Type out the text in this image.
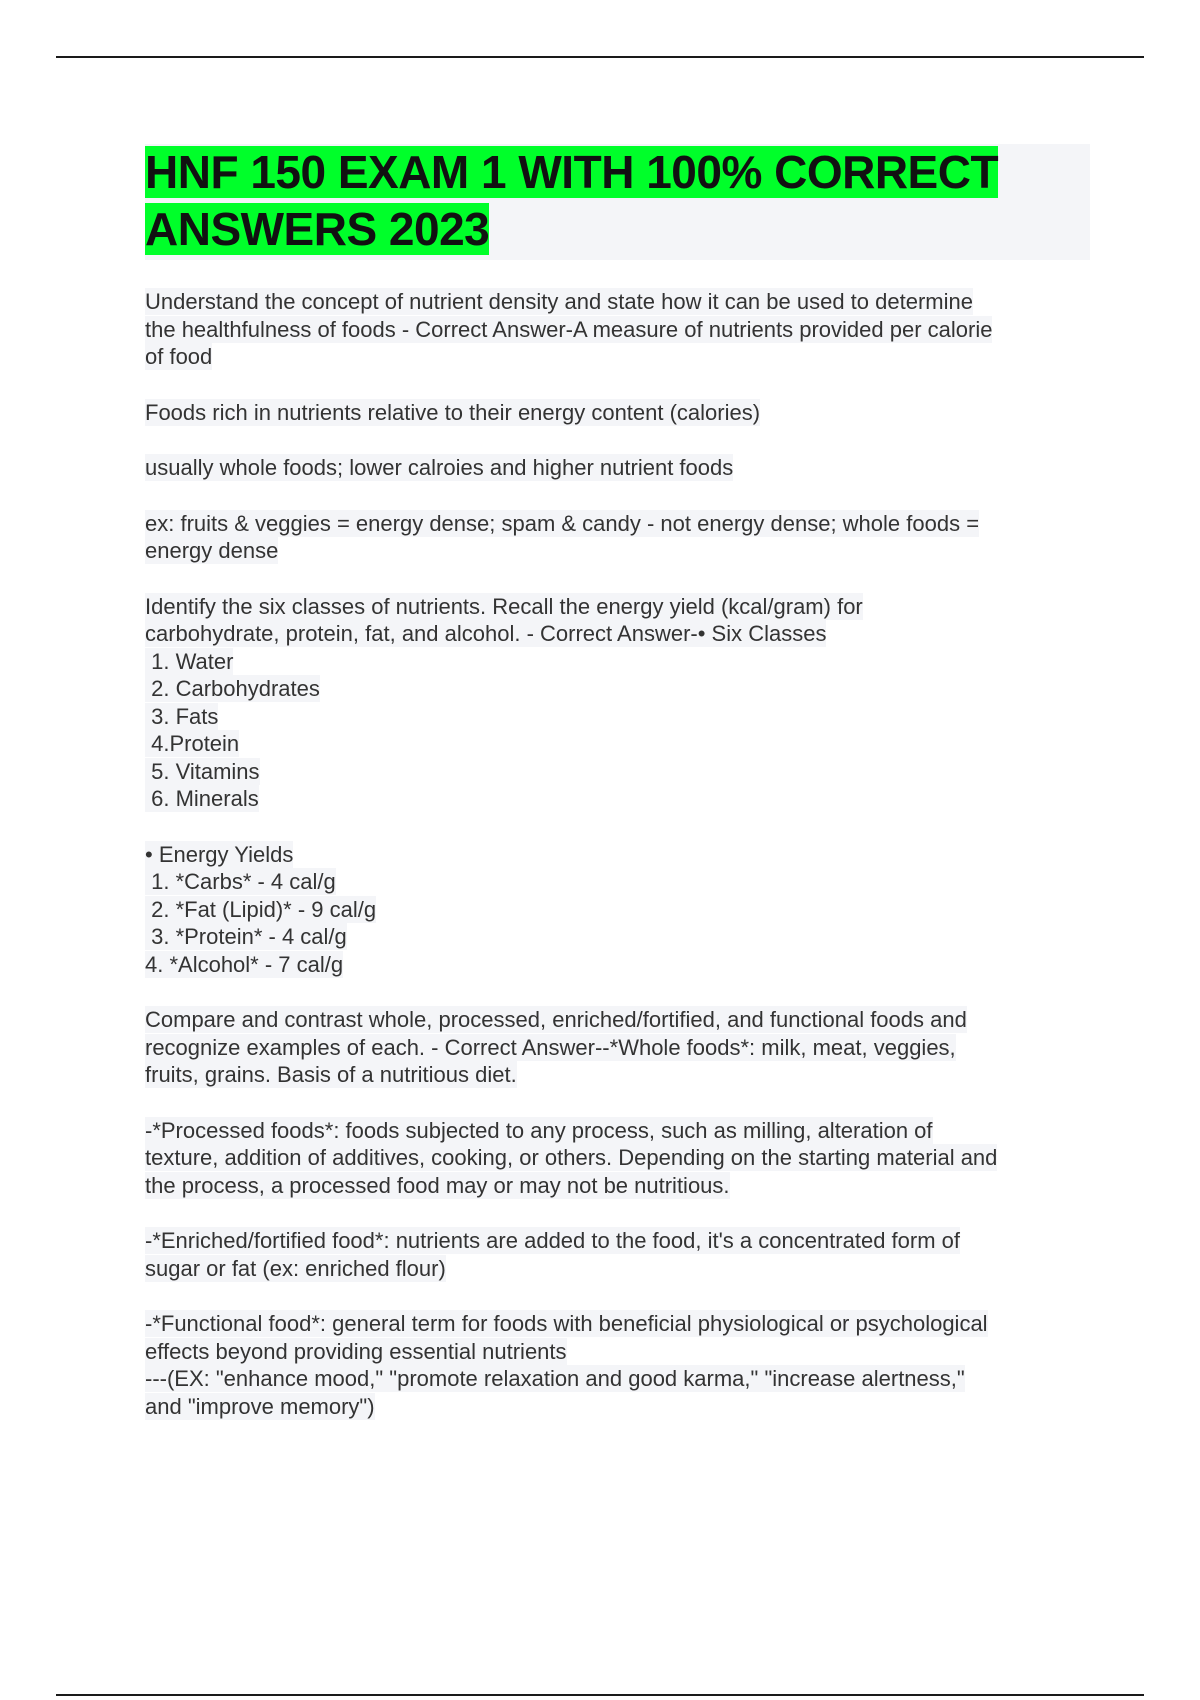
HNF 150 EXAM 1 WITH 100% CORRECT
ANSWERS 2023
Understand the concept of nutrient density and state how it can be used to determine
the healthfulness of foods - Correct Answer-A measure of nutrients provided per calorie
of food
Foods rich in nutrients relative to their energy content (calories)
usually whole foods; lower calroies and higher nutrient foods
ex: fruits & veggies = energy dense; spam & candy - not energy dense; whole foods =
energy dense
Identify the six classes of nutrients. Recall the energy yield (kcal/gram) for
carbohydrate, protein, fat, and alcohol. - Correct Answer-• Six Classes
1. Water
2. Carbohydrates
3. Fats
4.Protein
5. Vitamins
6. Minerals
• Energy Yields
1. *Carbs* - 4 cal/g
2. *Fat (Lipid)* - 9 cal/g
3. *Protein* - 4 cal/g
4. *Alcohol* - 7 cal/g
Compare and contrast whole, processed, enriched/fortified, and functional foods and
recognize examples of each. - Correct Answer--*Whole foods*: milk, meat, veggies,
fruits, grains. Basis of a nutritious diet.
-*Processed foods*: foods subjected to any process, such as milling, alteration of
texture, addition of additives, cooking, or others. Depending on the starting material and
the process, a processed food may or may not be nutritious.
-*Enriched/fortified food*: nutrients are added to the food, it's a concentrated form of
sugar or fat (ex: enriched flour)
-*Functional food*: general term for foods with beneficial physiological or psychological
effects beyond providing essential nutrients
---(EX: "enhance mood," "promote relaxation and good karma," "increase alertness,"
and "improve memory")
